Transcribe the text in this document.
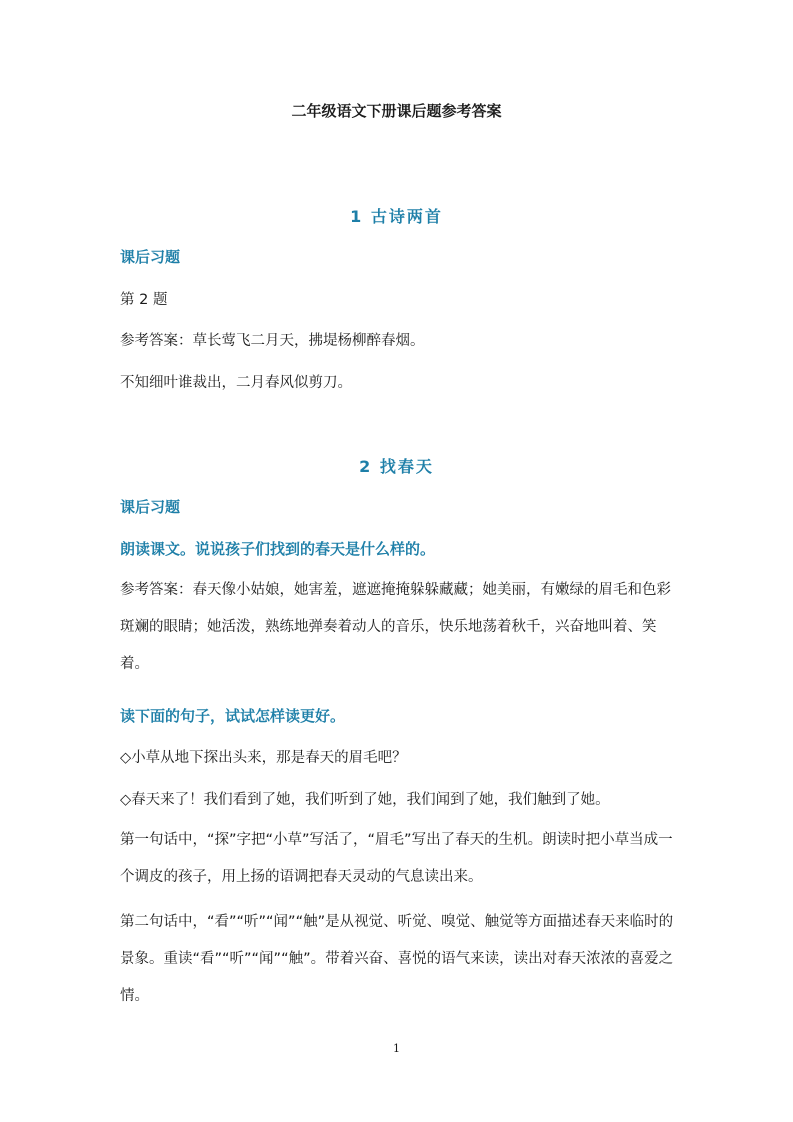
二年级语文下册课后题参考答案
1 古诗两首
课后习题
第 2 题
参考答案：草长莺飞二月天，拂堤杨柳醉春烟。
不知细叶谁裁出，二月春风似剪刀。
2 找春天
课后习题
朗读课文。说说孩子们找到的春天是什么样的。
参考答案：春天像小姑娘，她害羞，遮遮掩掩躲躲藏藏；她美丽，有嫩绿的眉毛和色彩斑斓的眼睛；她活泼，熟练地弹奏着动人的音乐，快乐地荡着秋千，兴奋地叫着、笑着。
读下面的句子，试试怎样读更好。
◇小草从地下探出头来，那是春天的眉毛吧？
◇春天来了！我们看到了她，我们听到了她，我们闻到了她，我们触到了她。
第一句话中，“探”字把“小草”写活了，“眉毛”写出了春天的生机。朗读时把小草当成一个调皮的孩子，用上扬的语调把春天灵动的气息读出来。
第二句话中，“看”“听”“闻”“触”是从视觉、听觉、嗅觉、触觉等方面描述春天来临时的景象。重读“看”“听”“闻”“触”。带着兴奋、喜悦的语气来读，读出对春天浓浓的喜爱之情。
1
